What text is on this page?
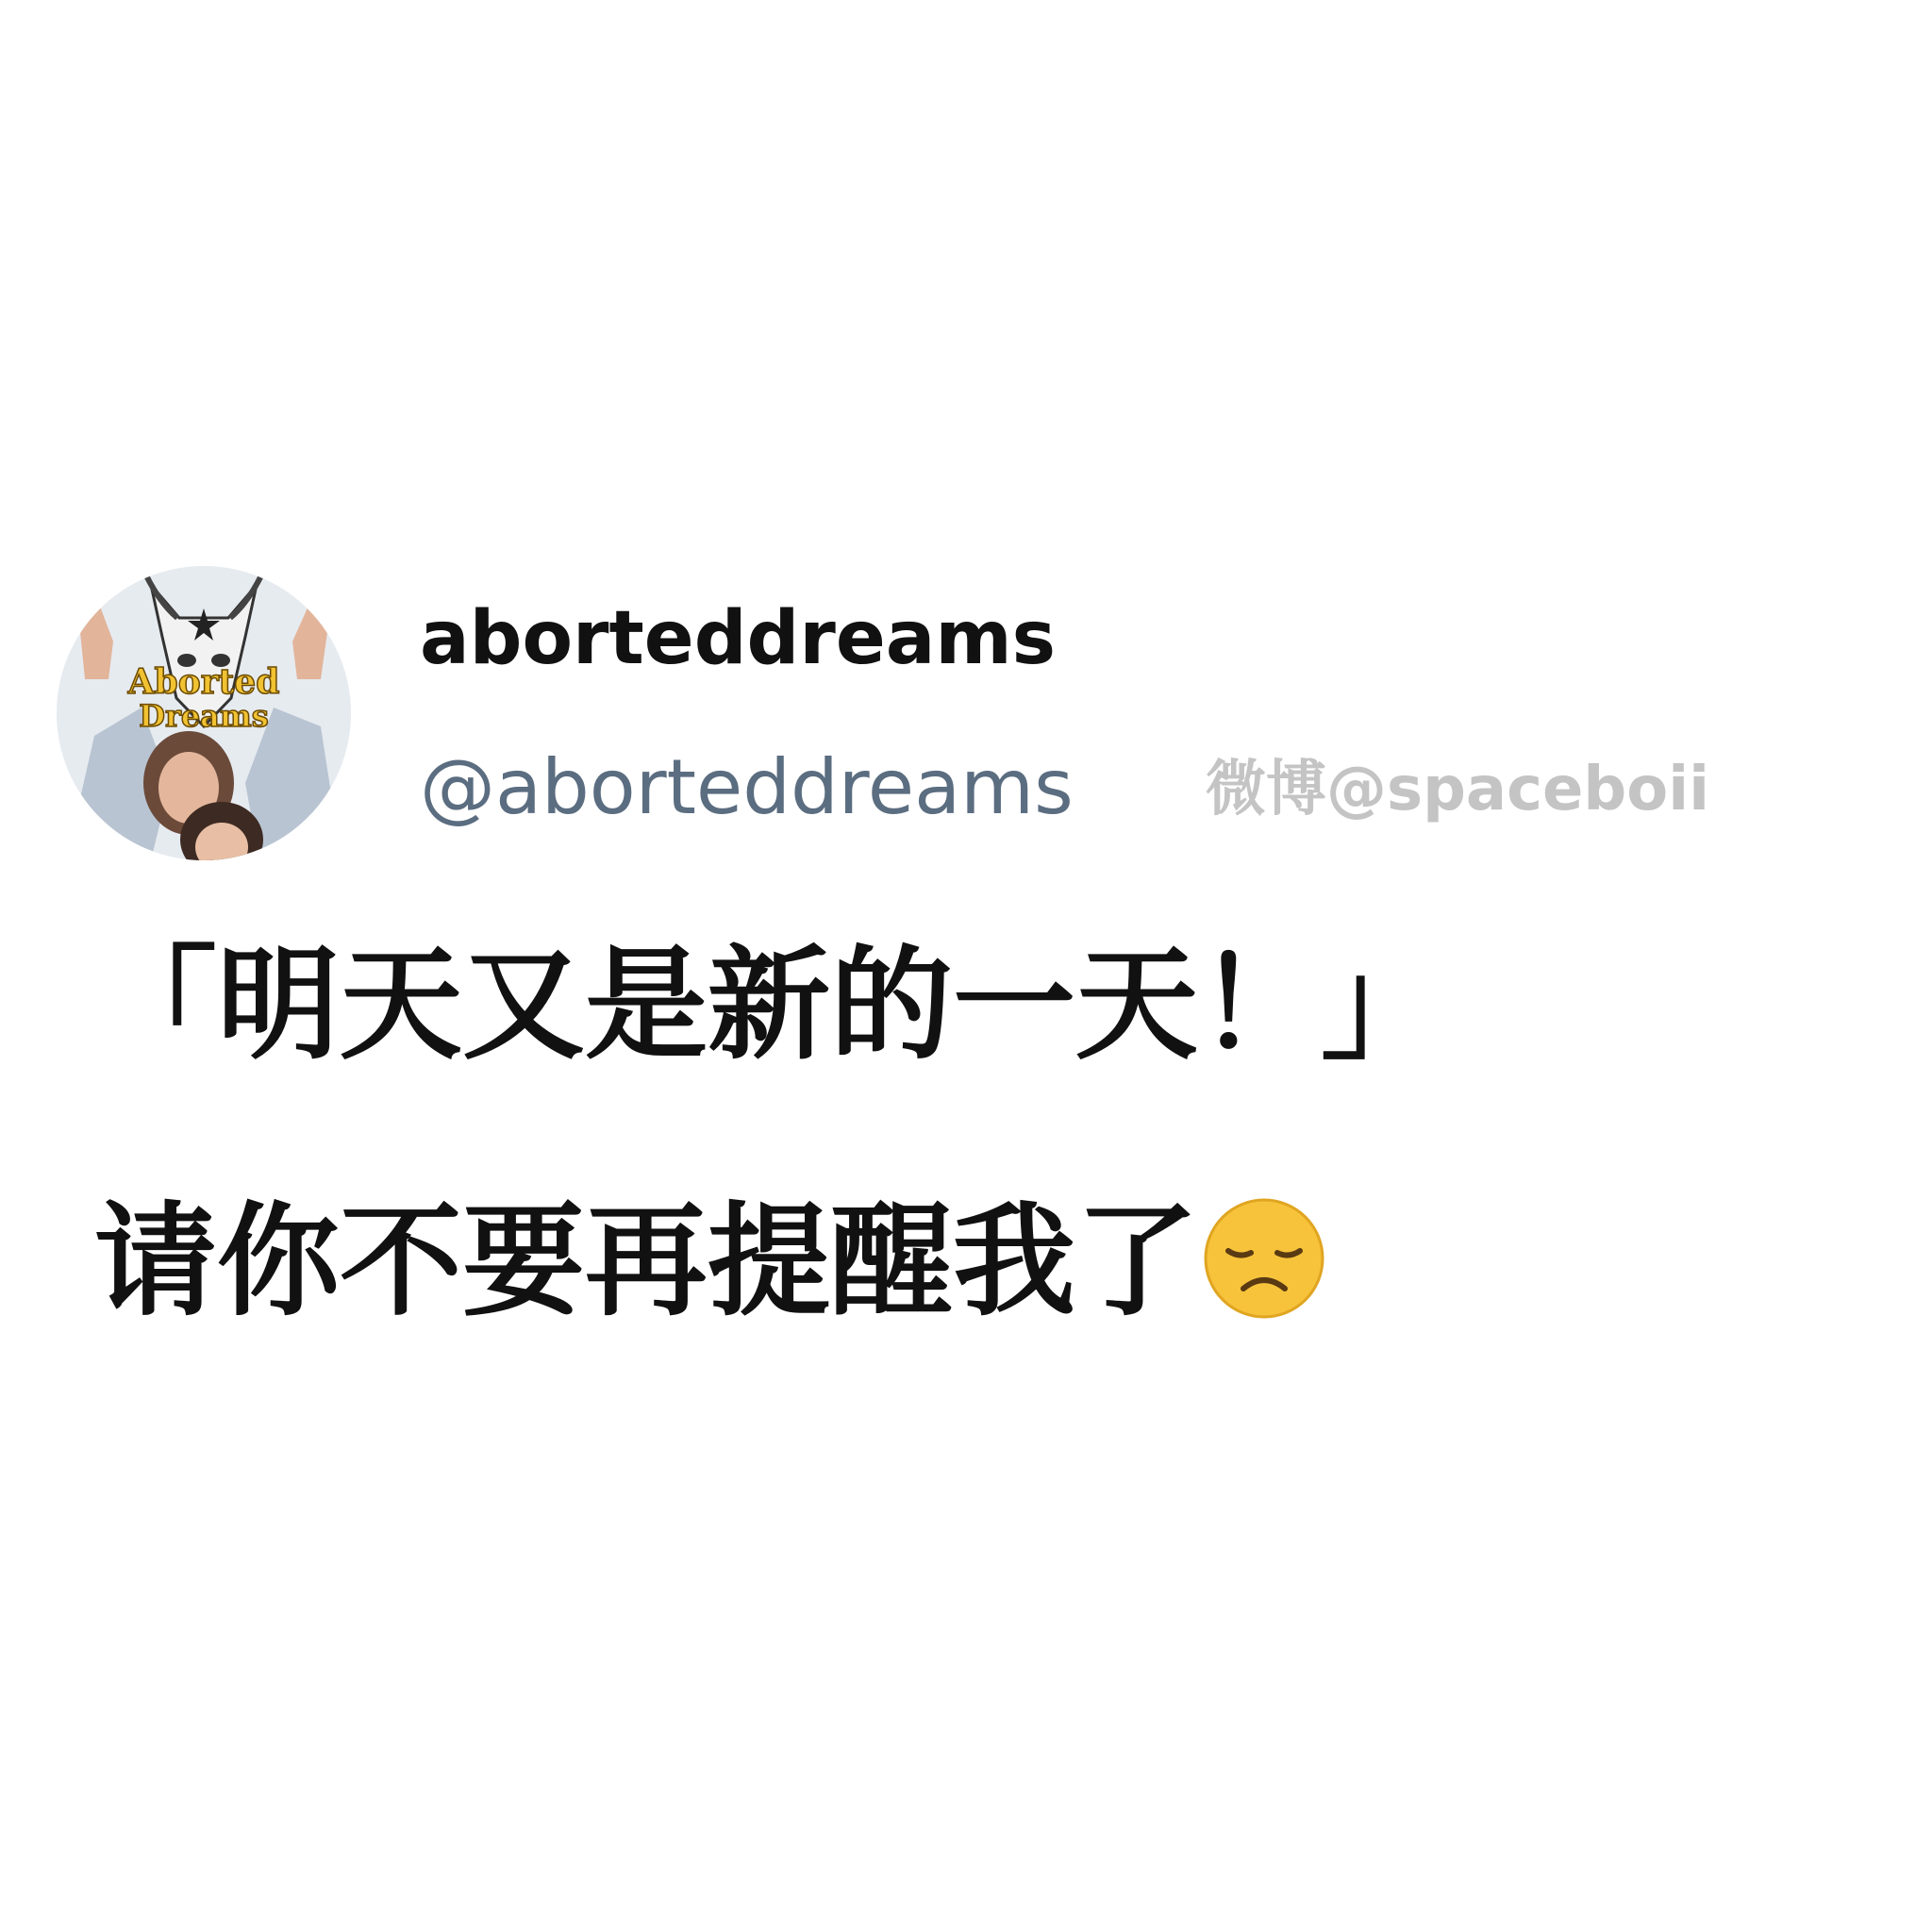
Aborted
Dreams
aborteddreams
@aborteddreams 微博@spaceboii
「明天又是新的一天！」
请你不要再提醒我了
